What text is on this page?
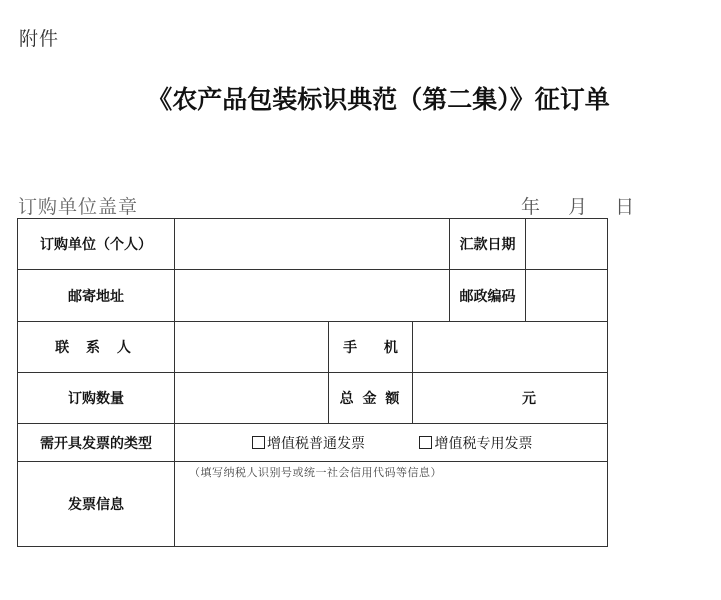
附件
《农产品包装标识典范（第二集）》征订单
订购单位盖章	年 月 日
订购单位（个人）				汇款日期	
邮寄地址				邮政编码	
联 系 人		手 机			
订购数量		总 金 额	元		
需开具发票的类型	增值税普通发票 增值税专用发票				
发票信息	（填写纳税人识别号或统一社会信用代码等信息）				
